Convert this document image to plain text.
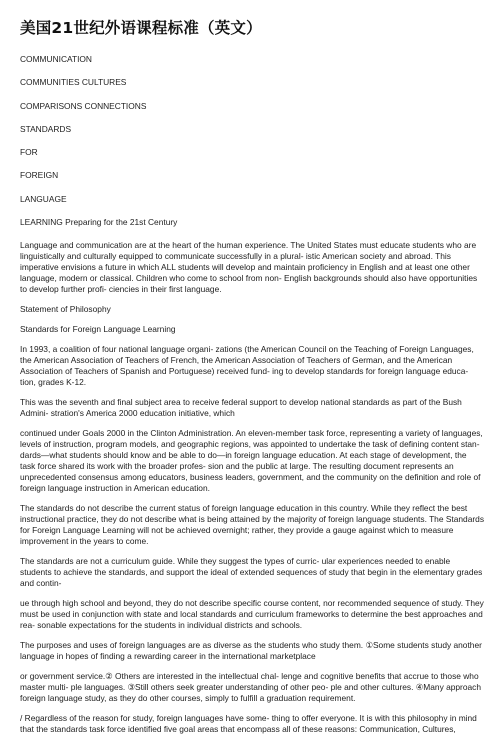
美国21世纪外语课程标准（英文）
COMMUNICATION
COMMUNITIES CULTURES
COMPARISONS CONNECTIONS
STANDARDS
FOR
FOREIGN
LANGUAGE
LEARNING Preparing for the 21st Century

Language and communication are at the heart of the human experience. The United States must educate students who are linguistically and culturally equipped to communicate successfully in a plural- istic American society and abroad. This imperative envisions a future in which ALL students will develop and maintain proficiency in English and at least one other language, modern or classical. Children who come to school from non- English backgrounds should also have opportunities to develop further profi- ciencies in their first language.

Statement of Philosophy

Standards for Foreign Language Learning

In 1993, a coalition of four national language organi- zations (the American Council on the Teaching of Foreign Languages, the American Association of Teachers of French, the American Association of Teachers of German, and the American Association of Teachers of Spanish and Portuguese) received fund- ing to develop standards for foreign language educa- tion, grades K-12.

This was the seventh and final subject area to receive federal support to develop national standards as part of the Bush Admini- stration's America 2000 education initiative, which

continued under Goals 2000 in the Clinton Administration. An eleven-member task force, representing a variety of languages, levels of instruction, program models, and geographic regions, was appointed to undertake the task of defining content stan- dards—what students should know and be able to do—in foreign language education. At each stage of development, the task force shared its work with the broader profes- sion and the public at large. The resulting document represents an unprecedented consensus among educators, business leaders, government, and the community on the definition and role of foreign language instruction in American education.

The standards do not describe the current status of foreign language education in this country. While they reflect the best instructional practice, they do not describe what is being attained by the majority of foreign language students. The Standards for Foreign Language Learning will not be achieved overnight; rather, they provide a gauge against which to measure improvement in the years to come.

The standards are not a curriculum guide. While they suggest the types of curric- ular experiences needed to enable students to achieve the standards, and support the ideal of extended sequences of study that begin in the elementary grades and contin-

ue through high school and beyond, they do not describe specific course content, nor recommended sequence of study. They must be used in conjunction with state and local standards and curriculum frameworks to determine the best approaches and rea- sonable expectations for the students in individual districts and schools.

The purposes and uses of foreign languages are as diverse as the students who study them. ①Some students study another language in hopes of finding a rewarding career in the international marketplace

or government service.② Others are interested in the intellectual chal- lenge and cognitive benefits that accrue to those who master multi- ple languages. ③Still others seek greater understanding of other peo- ple and other cultures. ④Many approach foreign language study, as they do other courses, simply to fulfill a graduation requirement.

/ Regardless of the reason for study, foreign languages have some- thing to offer everyone. It is with this philosophy in mind that the standards task force identified five goal areas that encompass all of these reasons: Communication, Cultures,
